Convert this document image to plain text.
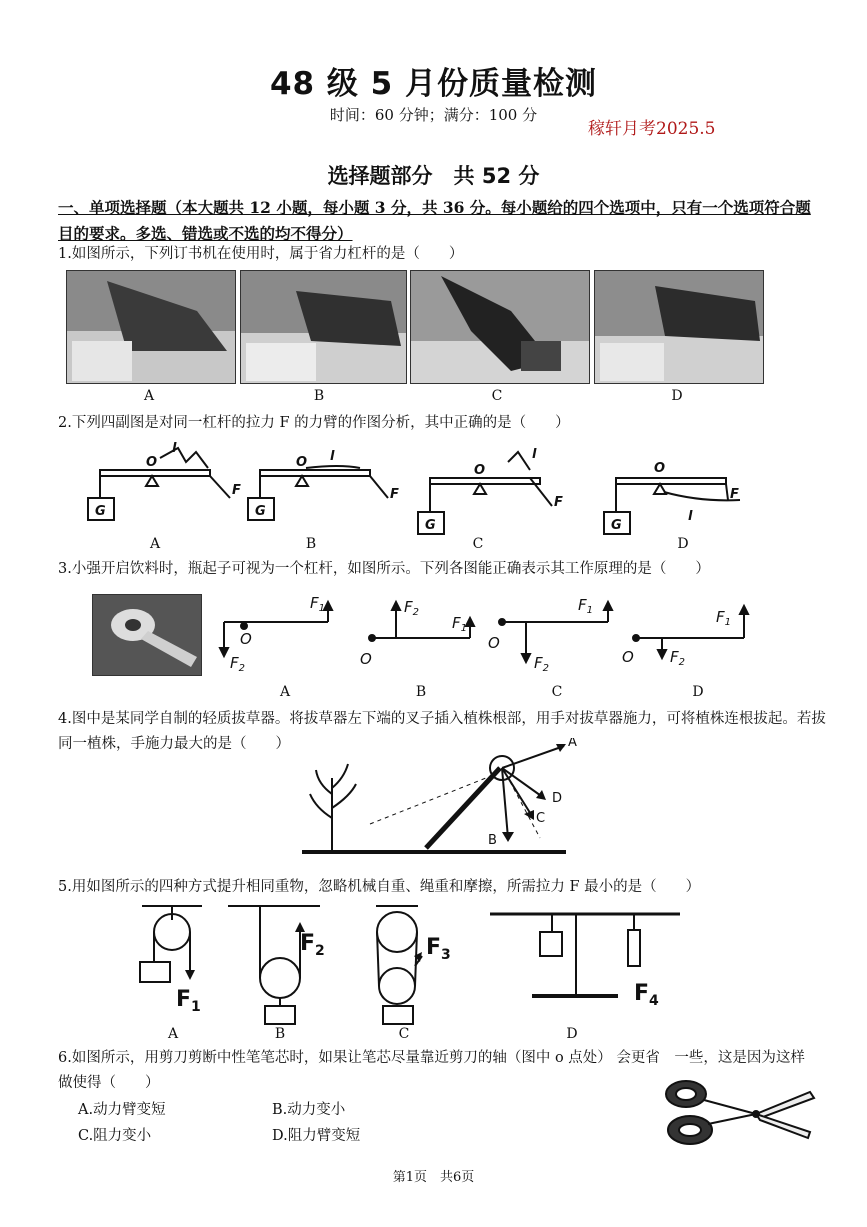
48 级 5 月份质量检测
时间：60 分钟；满分：100 分
稼轩月考2025.5
选择题部分　共 52 分
一、单项选择题（本大题共 12 小题，每小题 3 分，共 36 分。每小题给的四个选项中，只有一个选项符合题目的要求。多选、错选或不选的均不得分）
1.如图所示，下列订书机在使用时，属于省力杠杆的是（　　）
A	B	C	D
2.下列四副图是对同一杠杆的拉力 F 的力臂的作图分析，其中正确的是（　　）
O
l
F
G
O l
F
G
O
l
F
G
O
l
F
G
A	B	C	D
3.小强开启饮料时，瓶起子可视为一个杠杆，如图所示。下列各图能正确表示其工作原理的是（　　）
$F_1$
$F_2$
O
$F_2$
$F_1$
O
$F_1$
$F_2$
O
$F_1$
$F_2$
O
A	B	C	D
4.图中是某同学自制的轻质拔草器。将拔草器左下端的叉子插入植株根部，用手对拔草器施力，可将植株连根拔起。若拔同一植株，手施力最大的是（　　）	A
B
C
D
5.用如图所示的四种方式提升相同重物，忽略机械自重、绳重和摩擦，所需拉力 F 最小的是（　　）
$F_1$
$F_2$	$F_3$
$F_4$
A	B	C	D
6.如图所示，用剪刀剪断中性笔笔芯时，如果让笔芯尽量靠近剪刀的轴（图中 o 点处） 会更省　一些，这是因为这样做使得（　　）
A.动力臂变短	B.动力变小
C.阻力变小	D.阻力臂变短
第1页　共6页
